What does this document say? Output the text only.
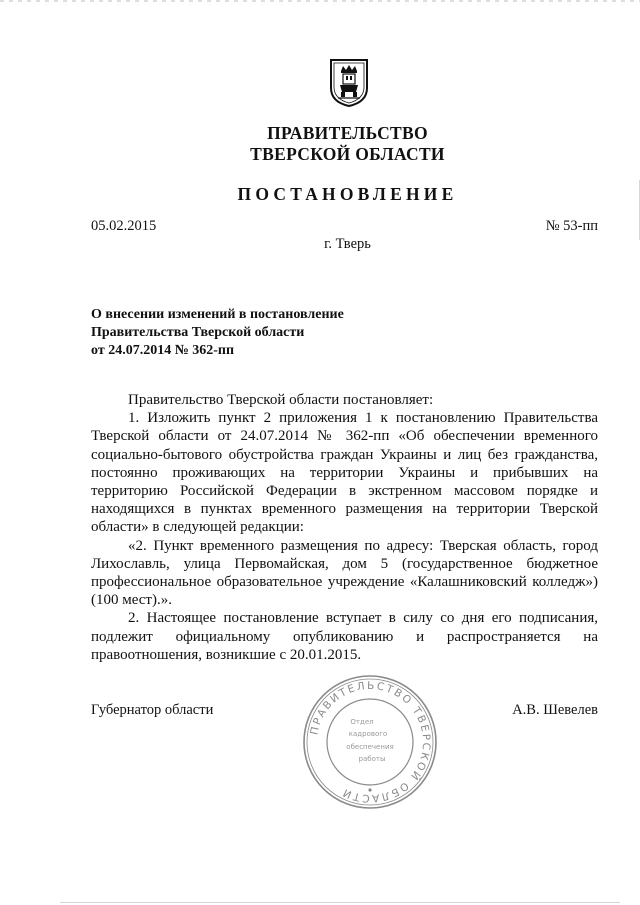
ПРАВИТЕЛЬСТВО
ТВЕРСКОЙ ОБЛАСТИ
ПОСТАНОВЛЕНИЕ
05.02.2015	№ 53-пп
г. Тверь
О внесении изменений в постановление
Правительства Тверской области
от 24.07.2014 № 362-пп

Правительство Тверской области постановляет:

1. Изложить пункт 2 приложения 1 к постановлению Правительства Тверской области от 24.07.2014 № 362-пп «Об обеспечении временного социально-бытового обустройства граждан Украины и лиц без гражданства, постоянно проживающих на территории Украины и прибывших на территорию Российской Федерации в экстренном массовом порядке и находящихся в пунктах временного размещения на территории Тверской области» в следующей редакции:

«2. Пункт временного размещения по адресу: Тверская область, город Лихославль, улица Первомайская, дом 5 (государственное бюджетное профессиональное образовательное учреждение «Калашниковский колледж») (100 мест).».

2. Настоящее постановление вступает в силу со дня его подписания, подлежит официальному опубликованию и распространяется на правоотношения, возникшие с 20.01.2015.

Губернатор области	А.В. Шевелев
ПРАВИТЕЛЬСТВО ТВЕРСКОЙ ОБЛАСТИ
Отдел
кадрового
обеспечения
работы
